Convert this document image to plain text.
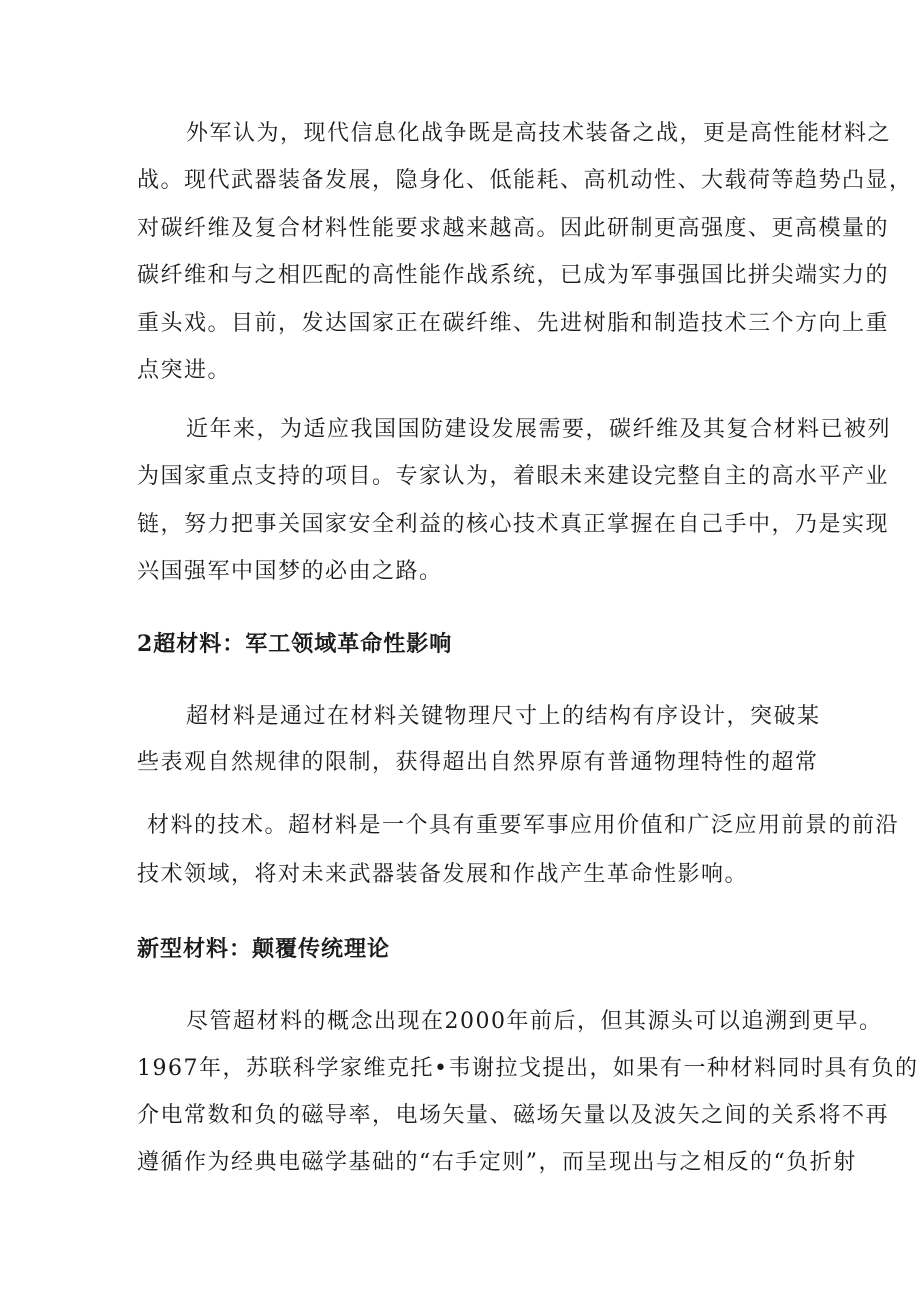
外军认为，现代信息化战争既是高技术装备之战，更是高性能材料之

战。现代武器装备发展，隐身化、低能耗、高机动性、大载荷等趋势凸显，

对碳纤维及复合材料性能要求越来越高。因此研制更高强度、更高模量的

碳纤维和与之相匹配的高性能作战系统，已成为军事强国比拼尖端实力的

重头戏。目前，发达国家正在碳纤维、先进树脂和制造技术三个方向上重

点突进。

近年来，为适应我国国防建设发展需要，碳纤维及其复合材料已被列

为国家重点支持的项目。专家认为，着眼未来建设完整自主的高水平产业

链，努力把事关国家安全利益的核心技术真正掌握在自己手中，乃是实现

兴国强军中国梦的必由之路。

2超材料：军工领域革命性影响

超材料是通过在材料关键物理尺寸上的结构有序设计，突破某

些表观自然规律的限制，获得超出自然界原有普通物理特性的超常

材料的技术。超材料是一个具有重要军事应用价值和广泛应用前景的前沿

技术领域，将对未来武器装备发展和作战产生革命性影响。

新型材料：颠覆传统理论

尽管超材料的概念出现在2000年前后，但其源头可以追溯到更早。

1967年，苏联科学家维克托•韦谢拉戈提出，如果有一种材料同时具有负的

介电常数和负的磁导率，电场矢量、磁场矢量以及波矢之间的关系将不再

遵循作为经典电磁学基础的“右手定则”，而呈现出与之相反的“负折射
